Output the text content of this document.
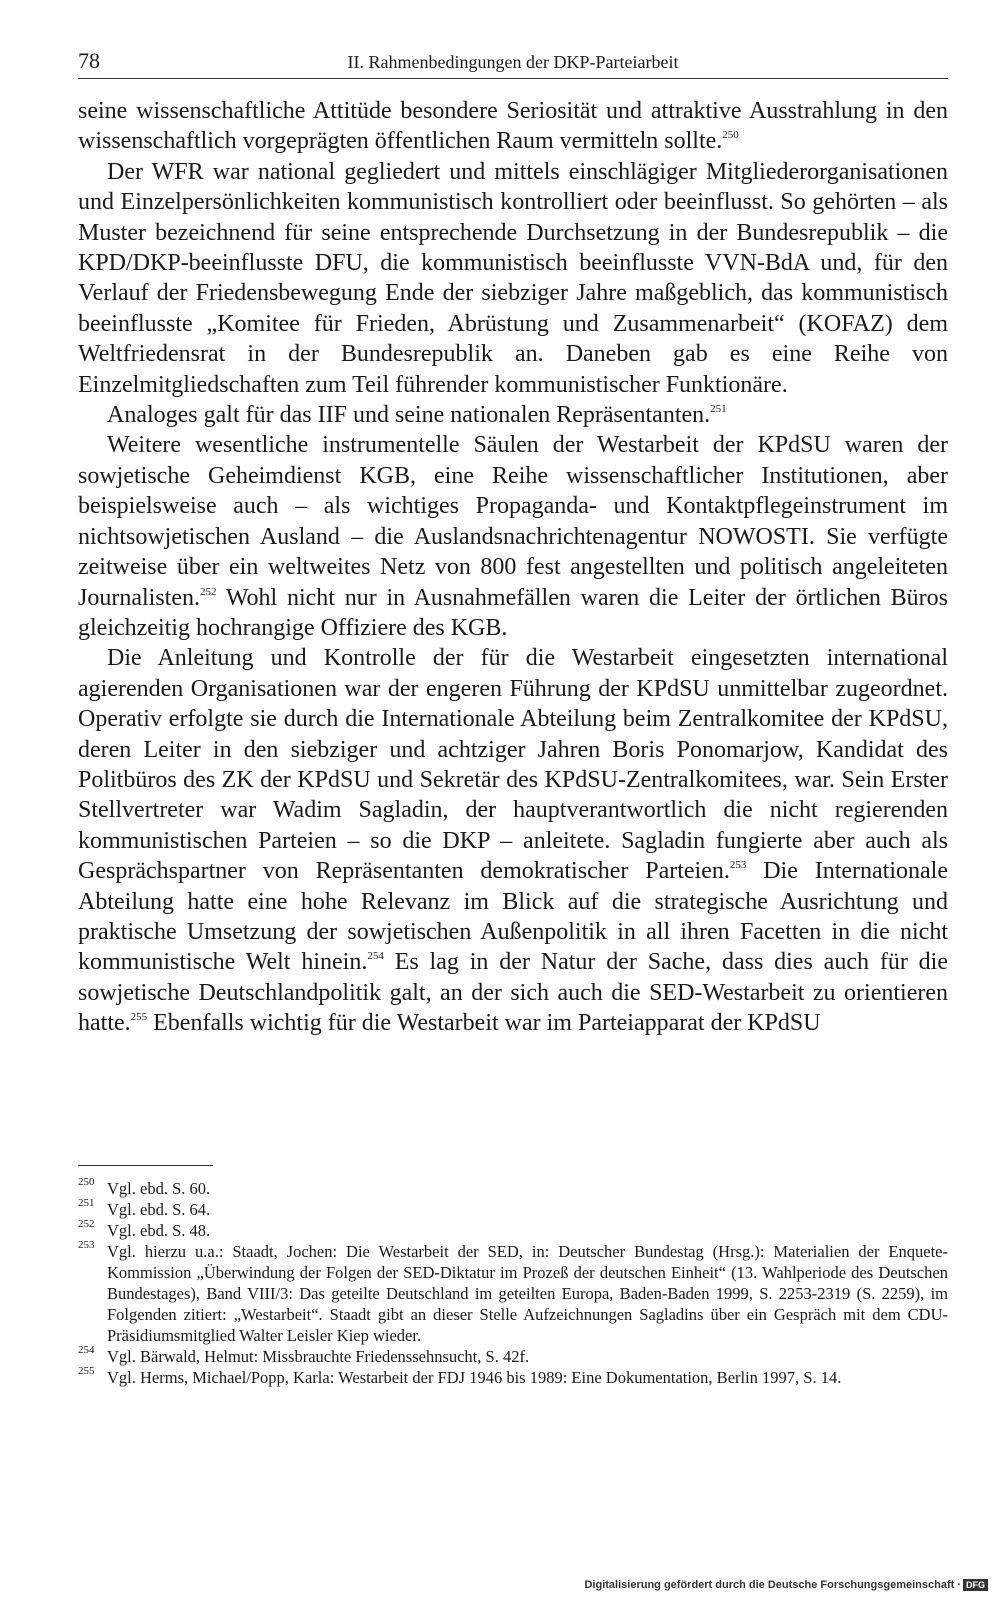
78	II. Rahmenbedingungen der DKP-Parteiarbeit

seine wissenschaftliche Attitüde besondere Seriosität und attraktive Ausstrahlung in den wissenschaftlich vorgeprägten öffentlichen Raum vermitteln sollte.$^{250}$

Der WFR war national gegliedert und mittels einschlägiger Mitgliederorganisationen und Einzelpersönlichkeiten kommunistisch kontrolliert oder beeinflusst. So gehörten – als Muster bezeichnend für seine entsprechende Durchsetzung in der Bundesrepublik – die KPD/DKP-beeinflusste DFU, die kommunistisch beeinflusste VVN-BdA und, für den Verlauf der Friedensbewegung Ende der siebziger Jahre maßgeblich, das kommunistisch beeinflusste „Komitee für Frieden, Abrüstung und Zusammenarbeit“ (KOFAZ) dem Weltfriedensrat in der Bundesrepublik an. Daneben gab es eine Reihe von Einzelmitgliedschaften zum Teil führender kommunistischer Funktionäre.

Analoges galt für das IIF und seine nationalen Repräsentanten.$^{251}$

Weitere wesentliche instrumentelle Säulen der Westarbeit der KPdSU waren der sowjetische Geheimdienst KGB, eine Reihe wissenschaftlicher Institutionen, aber beispielsweise auch – als wichtiges Propaganda- und Kontaktpflegeinstrument im nichtsowjetischen Ausland – die Auslandsnachrichtenagentur NOWOSTI. Sie verfügte zeitweise über ein weltweites Netz von 800 fest angestellten und politisch angeleiteten Journalisten.$^{252}$ Wohl nicht nur in Ausnahmefällen waren die Leiter der örtlichen Büros gleichzeitig hochrangige Offiziere des KGB.

Die Anleitung und Kontrolle der für die Westarbeit eingesetzten international agierenden Organisationen war der engeren Führung der KPdSU unmittelbar zugeordnet. Operativ erfolgte sie durch die Internationale Abteilung beim Zentralkomitee der KPdSU, deren Leiter in den siebziger und achtziger Jahren Boris Ponomarjow, Kandidat des Politbüros des ZK der KPdSU und Sekretär des KPdSU-Zentralkomitees, war. Sein Erster Stellvertreter war Wadim Sagladin, der hauptverantwortlich die nicht regierenden kommunistischen Parteien – so die DKP – anleitete. Sagladin fungierte aber auch als Gesprächspartner von Repräsentanten demokratischer Parteien.$^{253}$ Die Internationale Abteilung hatte eine hohe Relevanz im Blick auf die strategische Ausrichtung und praktische Umsetzung der sowjetischen Außenpolitik in all ihren Facetten in die nicht kommunistische Welt hinein.$^{254}$ Es lag in der Natur der Sache, dass dies auch für die sowjetische Deutschlandpolitik galt, an der sich auch die SED-Westarbeit zu orientieren hatte.$^{255}$ Ebenfalls wichtig für die Westarbeit war im Parteiapparat der KPdSU

250 Vgl. ebd. S. 60.

251 Vgl. ebd. S. 64.

252 Vgl. ebd. S. 48.

253 Vgl. hierzu u.a.: Staadt, Jochen: Die Westarbeit der SED, in: Deutscher Bundestag (Hrsg.): Materialien der Enquete-Kommission „Überwindung der Folgen der SED-Diktatur im Prozeß der deutschen Einheit“ (13. Wahlperiode des Deutschen Bundestages), Band VIII/3: Das geteilte Deutschland im geteilten Europa, Baden-Baden 1999, S. 2253-2319 (S. 2259), im Folgenden zitiert: „Westarbeit“. Staadt gibt an dieser Stelle Aufzeichnungen Sagladins über ein Gespräch mit dem CDU-Präsidiumsmitglied Walter Leisler Kiep wieder.

254 Vgl. Bärwald, Helmut: Missbrauchte Friedenssehnsucht, S. 42f.

255 Vgl. Herms, Michael/Popp, Karla: Westarbeit der FDJ 1946 bis 1989: Eine Dokumentation, Berlin 1997, S. 14.

Digitalisierung gefördert durch die Deutsche Forschungsgemeinschaft · DFG
